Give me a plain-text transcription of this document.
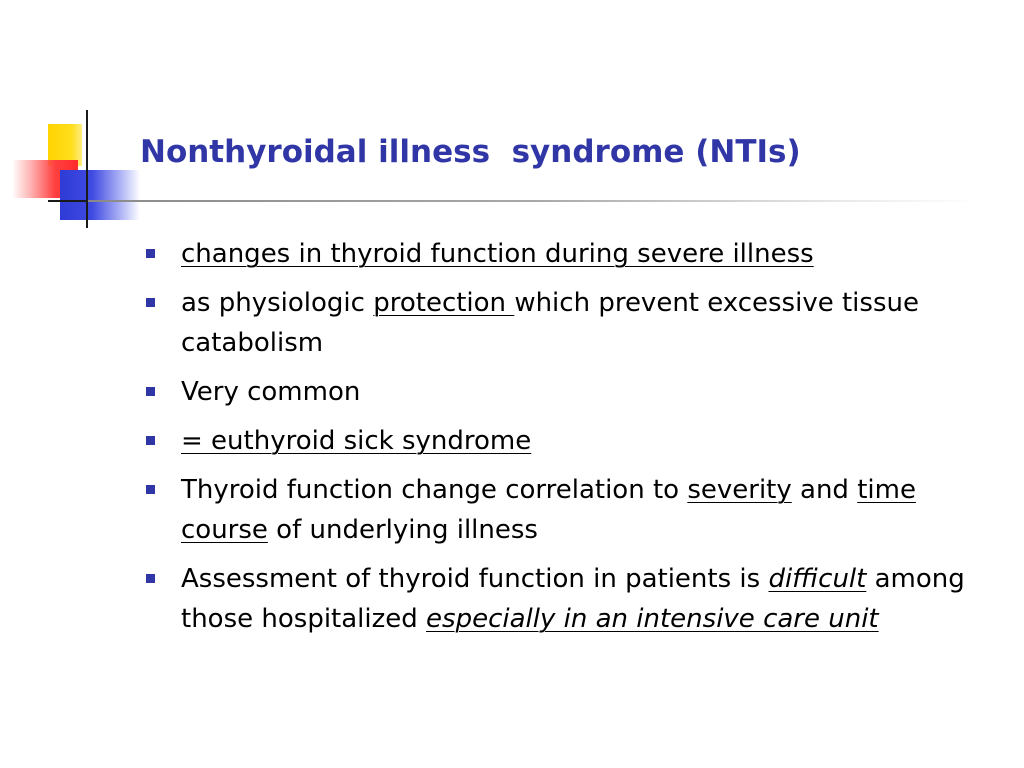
Nonthyroidal illness  syndrome (NTIs)
changes in thyroid function during severe illness
as physiologic protection which prevent excessive tissue catabolism
Very common
= euthyroid sick syndrome
Thyroid function change correlation to severity and time course of underlying illness
Assessment of thyroid function in patients is difficult among those hospitalized especially in an intensive care unit
